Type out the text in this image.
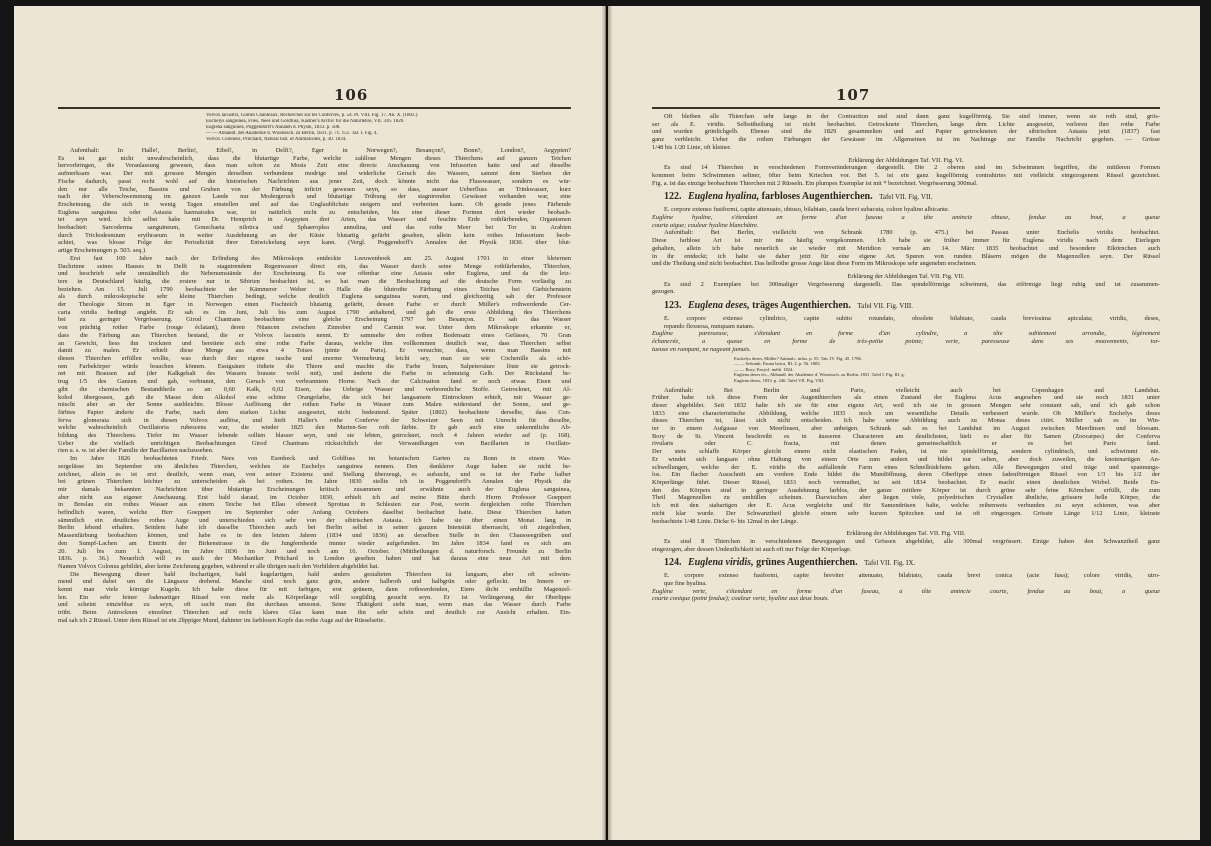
106
Volvox lacustris, Gomes Chanteaux, Recherches sur les Conferves, p. 54. Pl. VIII. Fig. 17. An. X. (1802.)
Euchelys sanguinea, Fries, Nees und Goldfuss, Kastner's Archiv für die Naturlehre, VII. 316. 1826.
Euglena sanguinea, Poggendorff's Annalen d. Physik, 1833. p. 508.
— — Abhandl. der Akademie d. Wissensch. zu Berlin, 1831. p. 71. 151. Taf. I. Fig. 4.
Volvox Coloneus, Pritchard, Natural hist. of Animalcules, p. 30. 1834.
Aufenthalt: In Halle!, Berlin!, Eibel!, in Delft?, Eger in Norwegen?, Besançon?, Bonn?, London?, Aegypten?
Es ist gar nicht unwahrscheinlich, dass die blutartige Farbe, welche zahllose Mengen dieses Thierchens auf ganzen Teichen
hervorbringen, die Veranlassung gewesen, dass man schon zu Mosis Zeit eine directe Anschauung von Infusorien hatte und auf dieselbe
aufmerksam war. Der mit grossen Mengen derselben verbundene modrige und widerliche Geruch des Wassers, sammt dem Sterben der
Fische dadurch, passt recht wohl auf die historischen Nachrichten aus jener Zeit, doch könnte nicht das Flusswasser, sondern es wür-
den nur alle Teiche, Bassins und Gruben von der Färbung inficirt gewesen seyn, so dass, ausser Ueberfluss an Trinkwasser, kurz
nach der Veberschwemmung im ganzen Lande nur Modergeruch und blutartige Trübung der stagnirenden Gewässer vorhanden war, eine
Erscheinung, die sich in wenig Tagen einstellen und auf das Unglaublichste steigern und verbreiten kann. Ob gerade jenes Färbende
Euglena sanguinea oder Astasia haematodes war, ist natürlich nicht zu entscheiden, bis eine dieser Formen dort wieder beobach-
tet seyn wird. Ich selbst habe mit Dr. Hemprich in Aegypten drei Arten, das Wasser und feuchte Erde rothfärbenden, Organismen
beobachtet: Sarcoderma sanguineum, Gonechaeta nilotica und Sphaeroplea annulina, und das rothe Meer bei Tor in Arabien
durch Trichodesmium erythraeum in weiter Ausdehnung an der Küste blutartig gefärbt gesehen, allein kein rothes Infusorium beob-
achtet, was blosse Folge der Periodicität ihrer Entwickelung seyn kann. (Vergl. Poggendorff's Annalen der Physik 1830. über blut-
artige Erscheinungen p. 503. seq.)
Erst fast 100 Jahre nach der Erfindung des Mikroskops entdeckte Leeuwenhoek am 25. August 1701 in einer bleiernen
Dachrinne seines Hauses in Delft in stagnirendem Regenwasser direct ein, das Wasser durch seine Menge rothfärbendes, Thierchen,
und beschrieb sehr umständlich die Nebenumstände der Erscheinung. Es war offenbar eine Astasia oder Euglena, und da die letz-
tere in Deutschland häufig, die erstere nur in Sibirien beobachtet ist, so hat man die Beobachtung auf die deutsche Form vorläufig zu
beziehen. Am 15. Juli 1790 beobachtete der Kämmerer Weber in Halle die blutrothe Färbung eines Teiches bei Giebichenstein
als durch mikroskopische sehr kleine Thierchen bedingt, welche deutlich Euglena sanguinea waren, und gleichzeitig sah der Professor
der Theologie Strom in Eger in Norwegen einen Fischteich blutartig gefärbt, dessen Farbe er durch Müller's rothwerdende Cer-
caria viridis bedingt angiebt. Er sah es im Juni, Juli bis zum August 1790 anhaltend, und gab die erste Abbildung des Thierchens
bei zu geringer Vergrösserung. Girod Chantrans beobachtete eine gleiche Erscheinung 1797 bei Besançon. Er sah das Wasser
von prächtig rother Farbe (rouge éclatant), deren Nüancen zwischen Zinnober und Carmin war. Unter dem Mikroskope erkannte er,
dass die Färbung aus Thierchen bestand, die er Volvox lacustris nennt. Er sammelte den rothen Bodensatz eines Gefässes, 70 Gran
an Gewicht, liess ihn trocknen und bereitete sich eine rothe Farbe daraus, welche ihm vollkommen deutlich war, dass Thierchen selbst
damit zu malen. Er erhielt diese Menge aus etwa 4 Toises (pinte de Paris). Er versuchte, dass, wenn man Bassins mit
diesen Thierchen erfüllen wollte, was durch ihre eigene rasche und enorme Vermehrung leicht sey, man sie wie Cochenille als schö-
nen Farbekörper würde brauchen können. Essigsäure tödtete die Thiere und machte die Farbe braun, Salpetersäure löste sie getrock-
net mit Brausen auf (der Kalkgehalt des Wassers brauste wohl mit), und änderte die Farbe in schmutzig Gelb. Der Rückstand be-
trug 1/5 des Ganzen und gab, verbrannt, den Geruch von verbranntem Horne. Nach der Calcination fand er noch etwas Eisen und
gibt die chemischen Bestandtheile so an: 0,60 Kalk, 0,02 Eisen, das Uebrige Wasser und verbrennliche Stoffe. Getrocknet, mit Al-
kohol übergossen, gab die Masse dem Alkohol eine schöne Orangefarbe, die sich bei langsamem Eintrocknen erhielt, mit Wasser ge-
mischt aber an der Sonne ausbleichte. Blosse Auflösung der rothen Farbe in Wasser zum Malen widerstand der Sonne, und ge-
färbtes Papier änderte die Farbe, nach dem starken Lichte ausgesetzt, nicht bedeutend. Später (1802) beobachtete derselbe, dass Con-
ferva glomerata sich in diesen Volvox auflöse, und hielt Haller's rothe Conferve der Schweizer Seen mit Unrecht für dieselbe,
welche wahrscheinlich Oscillatoria rubescens war, die wieder 1825 den Murten-See roth färbte. Er gab auch eine unkenntliche Ab-
bildung des Thierchens. Tiefer im Wasser lebende sollten blasser seyn, und sie lebten, getrocknet, noch 4 Jahren wieder auf (p. 168).
Ueber die vielfach unrichtigen Beobachtungen Girod Chantrans rücksichtlich der Verwandlungen von Bacillarien in Oscillato-
rien u. s. w. ist aber die Familie der Bacillarien nachzusehen.
Im Jahre 1826 beobachteten Friedr. Nees von Esenbeck und Goldfuss im botanischen Garten zu Bonn in einem Was-
sergefässe im September ein ähnliches Thierchen, welches sie Euchelys sanguinea nennen. Den dunklerer Auge haben sie nicht be-
zeichnet, allein es ist erst deutlich, wenn man, von seiner Existenz und Stellung überzeugt, es aufsucht, und es ist der Farbe halber
bei grünen Thierchen leichter zu unterscheiden als bei rothen. Im Jahre 1830 stellte ich in Poggendorff's Annalen der Physik die
mir damals bekannten Nachrichten über blutartige Erscheinungen kritisch zusammen und erwähnte auch der Euglena sanguinea,
aber nicht aus eigener Anschauung. Erst bald darauf, im October 1830, erhielt ich auf meine Bitte durch Herrn Professor Goeppert
in Breslau ein rothes Wasser aus einem Teiche bei Ellau obnweit Sprottau in Schlesien zur Post, worin dergleichen rothe Thierchen
befindlich waren, welche Herr Goeppert im September oder Anfang Octobers daselbst beobachtet hatte. Diese Thierchen hatten
sämmtlich ein deutliches rothes Auge und unterschieden sich sehr von der sibirischen Astasia. Ich habe sie über einen Monat lang in
Berlin lebend erhalten. Seitdem habe ich dasselbe Thierchen auch bei Berlin selbst in seiner ganzen Intensität überrascht, oft ziegelrothen,
Massenfärbung beobachten können, und habe es in den letzten Jahren (1834 und 1836) an derselben Stelle in den Chausseegräben und
den Sumpf-Lachen am Eintritt der Birkenstrasse in die Jungfernheide immer wieder aufgefunden. Im Jahre 1834 fand es sich am
20. Juli bis zum 1. August, im Jahre 1836 im Juni und noch am 16. October. (Mittheilungen d. naturforsch. Freunde zu Berlin
1836. p. 36.) Neuerlich will es auch der Mechaniker Pritchard in London gesehen haben und hat daraus eine neue Art mit dem
Namen Volvox Colonus gebildet, aber keine Zeichnung gegeben, während er alle übrigen nach den Vorbildern abgebildet hat.
Die Bewegung dieser bald fischartigen, bald kugelartigen, bald anders gestalteten Thierchen ist langsam, aber oft schwim-
mend und dabei um die Längsaxe drehend. Manche sind noch ganz grün, andere halbroth und halbgrün oder gefleckt. Im Innern er-
kennt man viele körnige Kugeln. Ich halte diese für mit farbigen, erst grünem, dann rothwerdenden, Eiern dicht umhüllte Magenzel-
len. Ein sehr feiner fadenartiger Rüssel von mehr als Körperlänge will sorgfältig gesucht seyn. Er ist Verlängerung der Oberlippe
und scheint einziehbar zu seyn, oft sucht man ihn durchaus umsonst. Seine Thätigkeit sieht man, wenn man das Wasser durch Farbe
trübt. Beim Antrocknen einzelner Thierchen auf recht klares Glas kann man ihn sehr schön und deutlich zur Ansicht erhalten. Ein-
mal sah ich 2 Rüssel. Unter dem Rüssel ist ein 2lippiger Mund, dahinter im farblosen Kopfe das rothe Auge auf der Rüsselseite.
107
Oft bleiben alle Thierchen sehr lange in der Contraction und sind dann ganz kugelförmig. Sie sind immer, wenn sie roth sind, grös-
ser als E. viridis. Selbsttheilung ist nicht beobachtet. Getrocknete Thierchen, lange dem Lichte ausgesetzt, verloren ihre rothe Farbe
und wurden grünlichgelb. Ebenso sind die 1829 gesammelten und auf Papier getrockneten der sibirischen Astasia jetzt (1837) fast
ganz verbleicht. Ueber die rothen Färbungen der Gewässer im Allgemeinen ist im Nachtrage zur Familie Nachricht gegeben. — Grösse
1/48 bis 1/20 Linie, oft kleiner.
Erklärung der Abbildungen Taf. VII. Fig. VI.
Es sind 14 Thierchen in verschiedenen Formveränderungen dargestellt. Die 2 oberen sind im Schwimmen begriffen, die mittleren Formen
kommen beim Schwimmen seltner, öfter beim Kriechen vor. Bei 5. ist ein ganz kugelförmig contrahirtes mit vielleicht eingezogenem Rüssel gezeichnet.
Fig. a. ist das einzige beobachtete Thierchen mit 2 Rüsseln. Ein plumpes Exemplar ist mit * bezeichnet. Vergrösserung 300mal.
122. Euglena hyalina, farbloses Augenthierchen. Tafel VII. Fig. VII.
E. corpore extenso fusiformi, capite attenuato, obtuso, bilabiato, cauda brevi subacuta, colore hyalino albicante.
Euglène hyaline, s'étendant en forme d'un fuseau a tête amincie obtuse, fendue au bout, a queue
courte aigue; couleur hyaline blanchâtre.
Aufenthalt: Bei Berlin, vielleicht von Schrank 1780 (p. 475.) bei Passau unter Enchelis viridis beobachtet.
Diese farblose Art ist mir nie häufig vorgekommen. Ich habe sie früher immer für Euglena viridis nach dem Eierlegen
gehalten, allein ich habe neuerlich sie wieder mit Meridion vernale am 14. März 1835 beobachtet und besondere Eikörnchen auch
in ihr entdeckt; ich halte sie daher jetzt für eine eigene Art. Spuren von runden Bläsern mögen die Magenzellen seyn. Der Rüssel
und die Theilung sind nicht beobachtet. Das hellrothe grosse Auge lässt diese Form im Mikroskope sehr angenehm erscheinen.
Erklärung der Abbildungen Taf. VII. Fig. VII.
Es sind 2 Exemplare bei 300maliger Vergrösserung dargestellt. Das spindelförmige schwimmt, das eiförmige liegt ruhig und ist zusammen-
gezogen.
123. Euglena deses, träges Augenthierchen. Tafel VII. Fig. VIII.
E. corpore extenso cylindrico, capite subito rotundato, obsolete bilabiato, cauda brevissima apiculata; viridis, deses,
repando flexuosa, nunquam natans.
Euglène paresseuse, s'étendant en forme d'un cylindre, a tête subitement arrondie, légèrement
échancrée, a queue en forme de très-petite pointe; verte, paresseuse dans ses mouvements, tor-
tueuse en rampant, ne nageant jamais.
Euchelys deses, Müller? Animalc. infus. p. 55. Tab. IV. Fig. 45. 1786.
— — Schrank, Fauna boica, III. 2. p. 56. 1803.
— — Bory, Encycl. méth. 1824.
Euglena deses etc., Abhandl. der Akademie d. Wissensch. zu Berlin, 1831. Tafel I. Fig. III. g.
Euglena deses, 1833. p. 246. Tafel VII. Fig. VIII.
Aufenthalt: Bei Berlin und Paris, vielleicht auch bei Copenhagen und Landshut.
Früher habe ich diese Form der Augenthierchen als einen Zustand der Euglena Acus angesehen und sie noch 1831 unter
dieser abgebildet. Seit 1832 halte ich sie für eine eigene Art, weil ich sie in grossen Mengen sehr constant sah, und ich gab schon
1833 eine characteristische Abbildung, welche 1835 noch um wesentliche Details verbessert wurde. Ob Müller's Enchelys deses
dieses Thierchen ist, lässt sich nicht entscheiden. Ich habe seine Abbildung auch zu Monas deses citirt. Müller sah es im Win-
ter in einem Aufgusse von Meerlinsen, aber unbeigen. Schrank sah es bei Landshut im August zwischen Meerlinsen und bloesam.
Bory de St. Vincent beschreibt es in äusseren Characteren am deutlichsten, hielt es aber für Samen (Zoocarpes) der Conferva
rivularis oder C. fracta, mit denen gemeinschaftlich er es bei Paris fand.
Der stets schlaffe Körper gleicht einem nicht elastischen Faden, ist nie spindelförmig, sondern cylindrisch, und schwimmt nie.
Er windet sich langsam ohne Haltung von einem Orte zum andern und bildet nur selten, aber doch zuweilen, die knotenartigen An-
schwellungen, welche der E. viridis die auffallende Farm eines Schnellrädchens geben. Alle Bewegungen sind träge und spannungs-
los. Ein flacher Ausschnitt am vordern Ende bildet die Mundöffnung, deren Oberlippe einen fadenförmigen Rüssel von 1/3 bis 1/2 der
Körperlänge führt. Dieser Rüssel, 1833 noch vermuthet, ist seit 1834 beobachtet. Er macht einen deutlichen Wirbel. Beide En-
den des Körpers sind in geringer Ausdehnung farblos, der ganze mittlere Körper ist durch grüne sehr feine Körnchen erfüllt, die zum
Theil Magenzellen zu umhüllen scheinen. Dazwischen aber liegen viele, polyedrischen Crystallen ähnliche, grössere helle Körper, die
ich mit den stabartigen der E. Acus vergleiche und für Samendrüsen halte, welche reihenweis verbunden zu seyn schienen, was aber
nicht klar wurde. Der Schwanztheil gleicht einem sehr kurzen Spitzchen und ist oft eingezogen. Grösste Länge 1/12 Linie, kleinste
beobachtete 1/48 Linie. Dicke 6- bis 12mal in der Länge.
Erklärung der Abbildungen Taf. VII. Fig. VIII.
Es sind 8 Thierchen in verschiedenen Bewegungen und Grössen abgebildet, alle 300mal vergrössert. Einige haben den Schwanztheil ganz
eingezogen, aber dessen Undeutlichkeit ist auch oft nur Folge der Körperlage.
124. Euglena viridis, grünes Augenthierchen. Tafel VII. Fig. IX.
E. corpore extenso fusiformi, capite breviter attenuato, bilabiato, cauda brevi conica (acie fusa); colore viridis, utro-
que fine hyalina.
Euglène verte, s'étendant en forme d'un fuseau, a tête amincie courte, fendue au bout, a queue
courte conique (point fendue); couleur verte, hyaline aux deux bouts.
